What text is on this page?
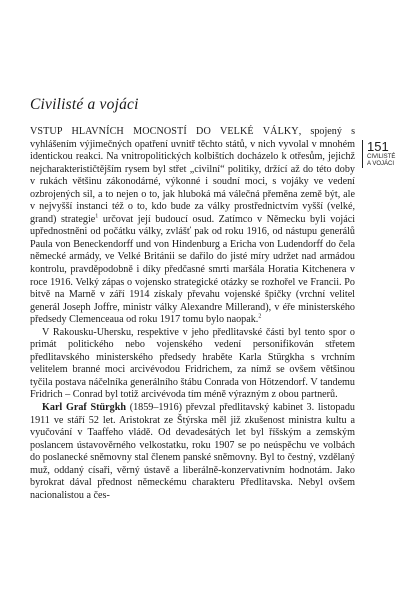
Civilisté a vojáci
151
CIVILISTÉ
A VOJÁCI

VSTUP HLAVNÍCH MOCNOSTÍ DO VELKÉ VÁLKY, spojený s vyhlášením výjimečných opatření uvnitř těchto států, v nich vyvolal v mnohém identickou reakci. Na vnitropolitických kolbištích docházelo k otřesům, jejichž nejcharakterističtějším rysem byl střet „civilní“ politiky, držící až do této doby v rukách většinu zákonodárné, výkonné i soudní moci, s vojáky ve vedení ozbrojených sil, a to nejen o to, jak hluboká má válečná přeměna země být, ale v nejvyšší instanci též o to, kdo bude za války prostřednictvím vyšší (velké, grand) strategie$^1$ určovat její budoucí osud. Zatímco v Německu byli vojáci upřednostněni od počátku války, zvlášť pak od roku 1916, od nástupu generálů Paula von Beneckendorff und von Hindenburg a Ericha von Ludendorff do čela německé armády, ve Velké Británii se dařilo do jisté míry udržet nad armádou kontrolu, pravděpodobně i díky předčasné smrti maršála Horatia Kitchenera v roce 1916. Velký zápas o vojensko strategické otázky se rozhořel ve Francii. Po bitvě na Marně v září 1914 získaly převahu vojenské špičky (vrchní velitel generál Joseph Joffre, ministr války Alexandre Millerand), v éře ministerského předsedy Clemenceaua od roku 1917 tomu bylo naopak.$^2$

V Rakousku-Uhersku, respektive v jeho předlitavské části byl tento spor o primát politického nebo vojenského vedení personifikován střetem předlitavského ministerského předsedy hraběte Karla Stürgkha s vrchním velitelem branné moci arcivévodou Fridrichem, za nímž se ovšem většinou tyčila postava náčelníka generálního štábu Conrada von Hötzendorf. V tandemu Fridrich – Conrad byl totiž arcivévoda tím méně výrazným z obou partnerů.

Karl Graf Stürgkh (1859–1916) převzal předlitavský kabinet 3. listopadu 1911 ve stáří 52 let. Aristokrat ze Štýrska měl již zkušenost ministra kultu a vyučování v Taaffeho vládě. Od devadesátých let byl říšským a zemským poslancem ústavověrného velkostatku, roku 1907 se po neúspěchu ve volbách do poslanecké sněmovny stal členem panské sněmovny. Byl to čestný, vzdělaný muž, oddaný císaři, věrný ústavě a liberálně-konzervativním hodnotám. Jako byrokrat dával přednost německému charakteru Předlitavska. Nebyl ovšem nacionalistou a čes-
